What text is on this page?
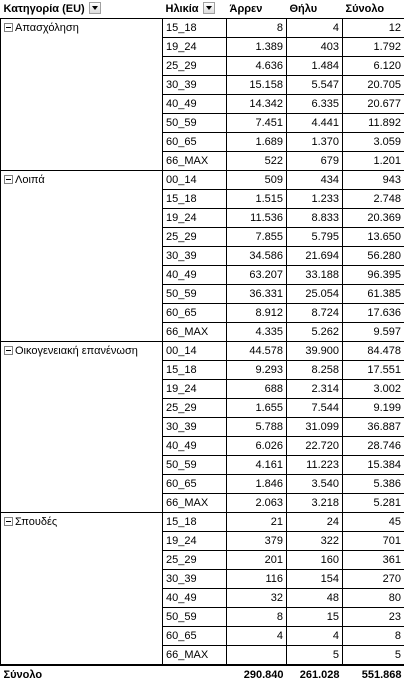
Κατηγορία (EU)	Ηλικία	Άρρεν	Θήλυ	Σύνολο
Απασχόληση	15_18	8	4	12
	19_24	1.389	403	1.792
	25_29	4.636	1.484	6.120
	30_39	15.158	5.547	20.705
	40_49	14.342	6.335	20.677
	50_59	7.451	4.441	11.892
	60_65	1.689	1.370	3.059
	66_MAX	522	679	1.201
Λοιπά	00_14	509	434	943
	15_18	1.515	1.233	2.748
	19_24	11.536	8.833	20.369
	25_29	7.855	5.795	13.650
	30_39	34.586	21.694	56.280
	40_49	63.207	33.188	96.395
	50_59	36.331	25.054	61.385
	60_65	8.912	8.724	17.636
	66_MAX	4.335	5.262	9.597
Οικογενειακή επανένωση	00_14	44.578	39.900	84.478
	15_18	9.293	8.258	17.551
	19_24	688	2.314	3.002
	25_29	1.655	7.544	9.199
	30_39	5.788	31.099	36.887
	40_49	6.026	22.720	28.746
	50_59	4.161	11.223	15.384
	60_65	1.846	3.540	5.386
	66_MAX	2.063	3.218	5.281
Σπουδές	15_18	21	24	45
	19_24	379	322	701
	25_29	201	160	361
	30_39	116	154	270
	40_49	32	48	80
	50_59	8	15	23
	60_65	4	4	8
	66_MAX		5	5
Σύνολο		290.840	261.028	551.868
